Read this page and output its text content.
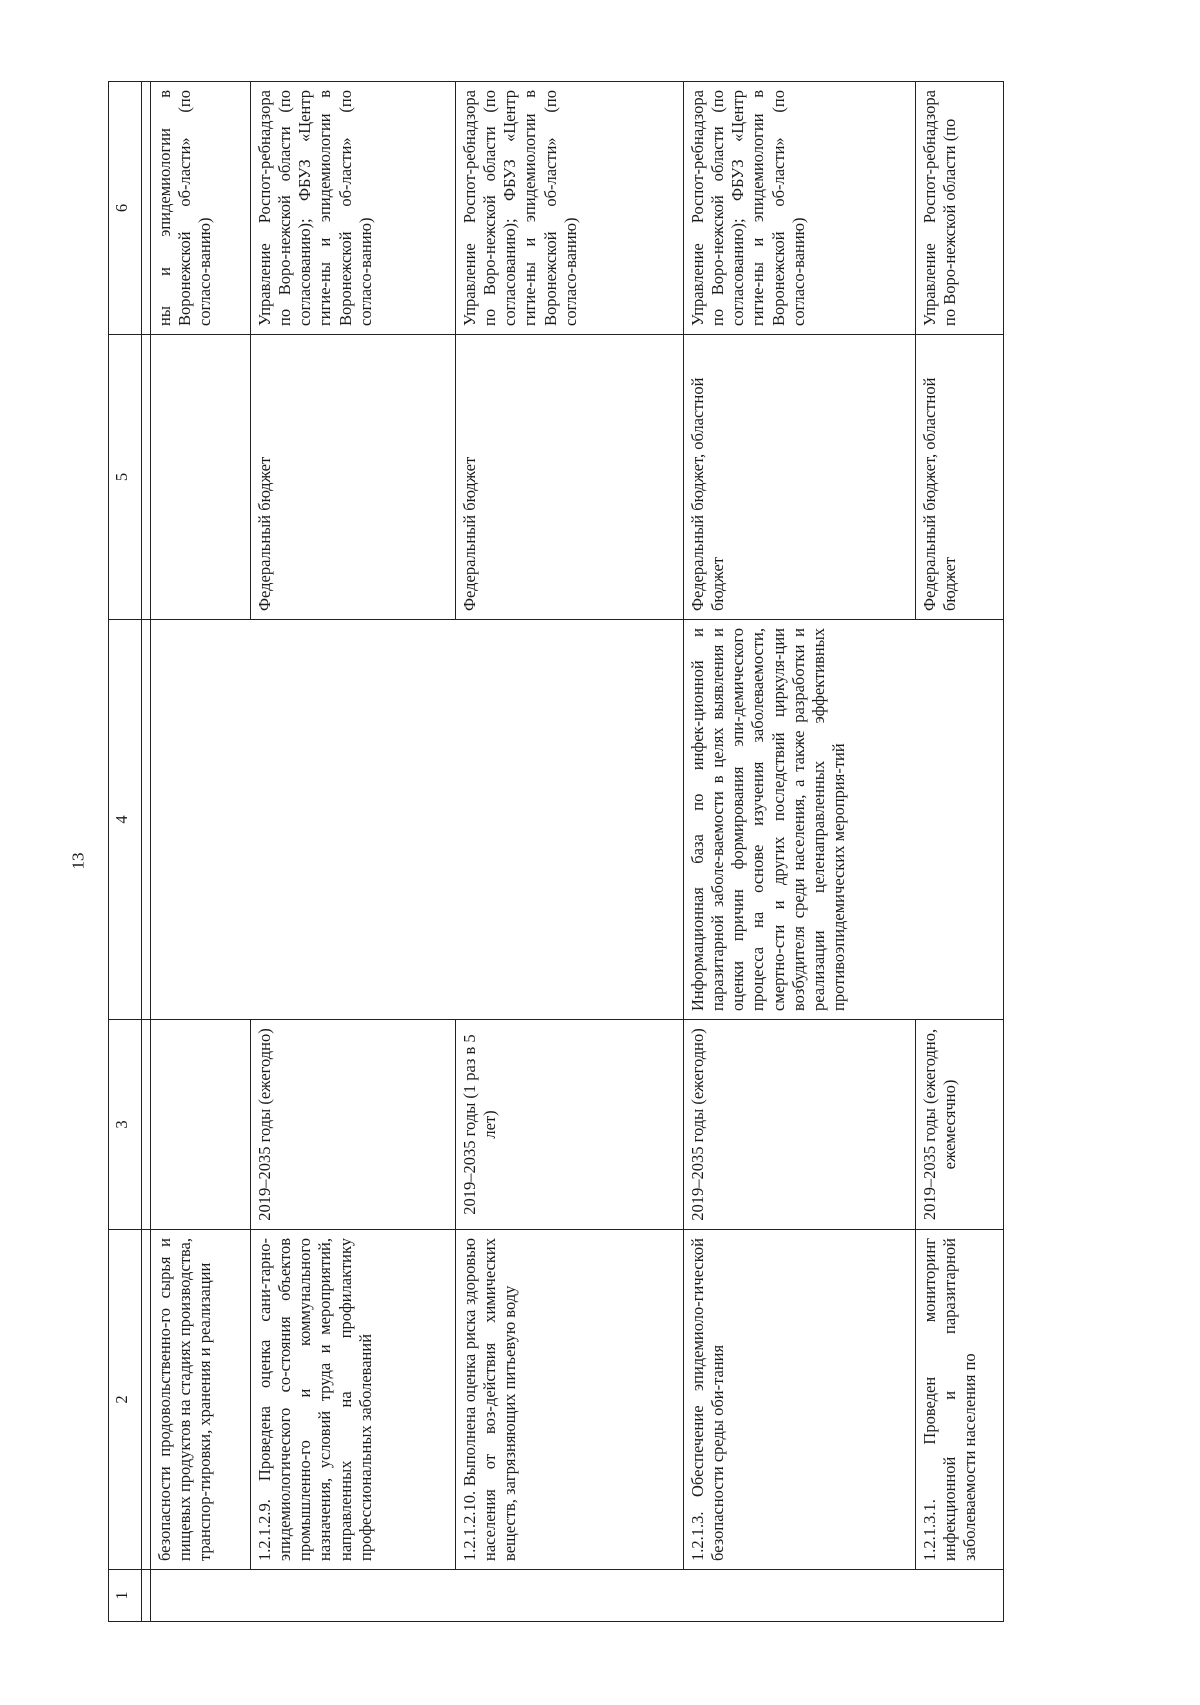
13
1	2	3	4	5	6

	безопасности продовольственно-го сырья и пищевых продуктов на стадиях производства, транспор-тировки, хранения и реализации				ны и эпидемиологии в Воронежской об-ласти» (по согласо-ванию)
	1.2.1.2.9. Проведена оценка сани-тарно-эпидемиологического со-стояния объектов промышленно-го и коммунального назначения, условий труда и мероприятий, направленных на профилактику профессиональных заболеваний	2019–2035 годы (ежегодно)		Федеральный бюджет	Управление Роспот-ребнадзора по Воро-нежской области (по согласованию); ФБУЗ «Центр гигие-ны и эпидемиологии в Воронежской об-ласти» (по согласо-ванию)
	1.2.1.2.10. Выполнена оценка риска здоровью населения от воз-действия химических веществ, загрязняющих питьевую воду	2019–2035 годы (1 раз в 5 лет)		Федеральный бюджет	Управление Роспот-ребнадзора по Воро-нежской области (по согласованию); ФБУЗ «Центр гигие-ны и эпидемиологии в Воронежской об-ласти» (по согласо-ванию)
	1.2.1.3. Обеспечение эпидемиоло-гической безопасности среды оби-тания	2019–2035 годы (ежегодно)	Информационная база по инфек-ционной и паразитарной заболе-ваемости в целях выявления и оценки причин формирования эпи-демического процесса на основе изучения заболеваемости, смертно-сти и других последствий циркуля-ции возбудителя среди населения, а также разработки и реализации целенаправленных эффективных противоэпидемических мероприя-тий	Федеральный бюджет, областной бюджет	Управление Роспот-ребнадзора по Воро-нежской области (по согласованию); ФБУЗ «Центр гигие-ны и эпидемиологии в Воронежской об-ласти» (по согласо-ванию)
	1.2.1.3.1. Проведен мониторинг инфекционной и паразитарной заболеваемости населения по	2019–2035 годы (ежегодно, ежемесячно)		Федеральный бюджет, областной бюджет	Управление Роспот-ребнадзора по Воро-нежской области (по
